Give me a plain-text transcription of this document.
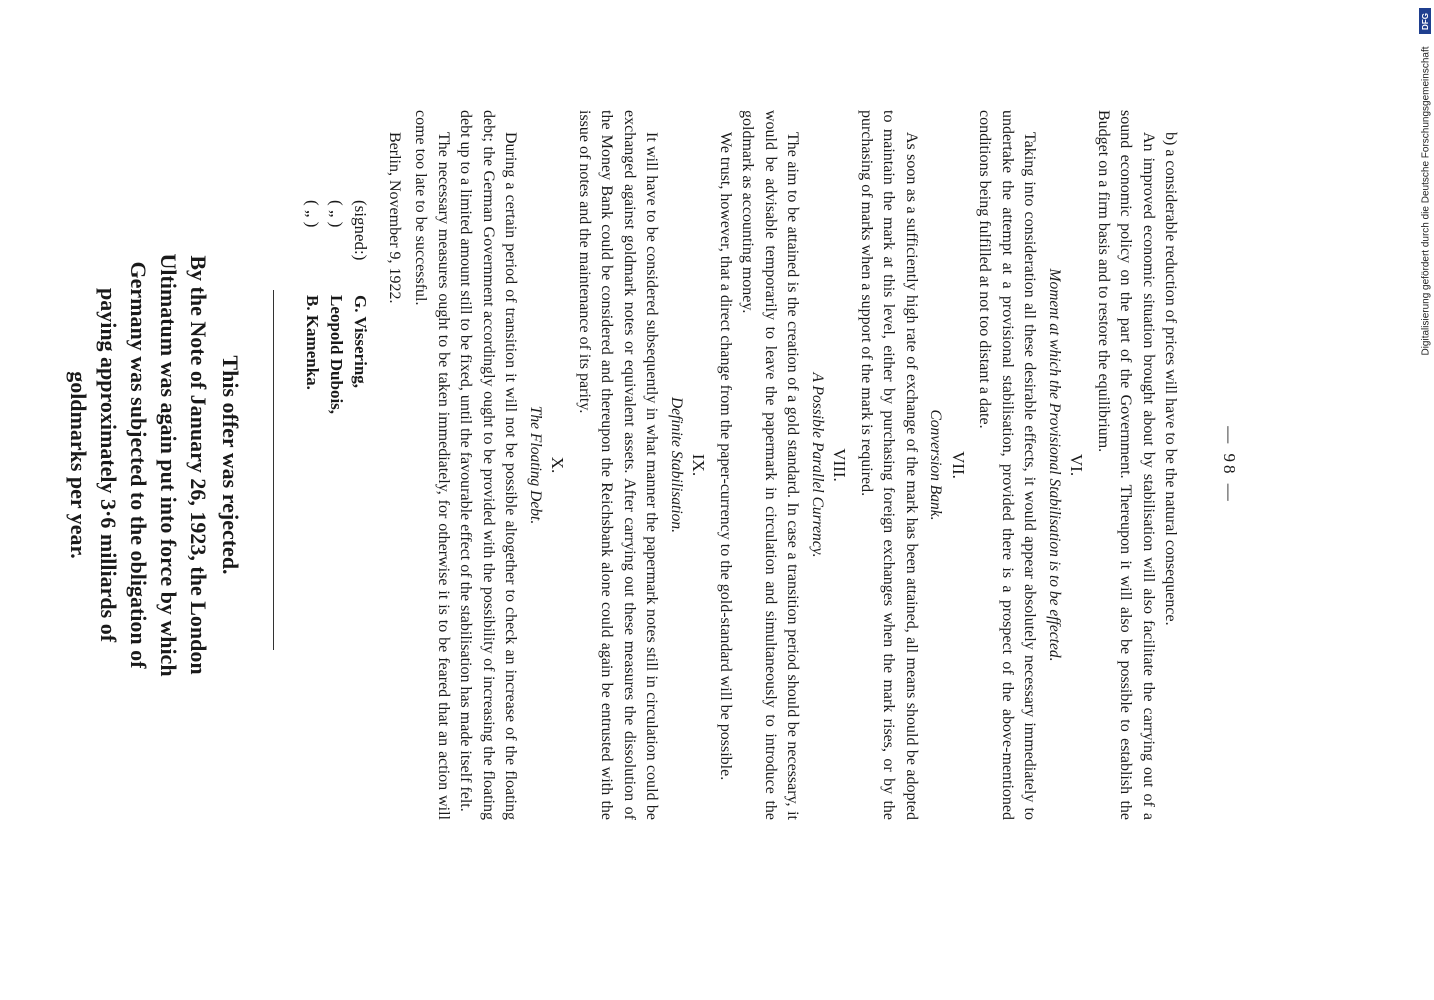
— 98 —

b) a considerable reduction of prices will have to be the natural consequence.

An improved economic situation brought about by stabilisation will also facilitate the carrying out of a sound economic policy on the part of the Government. Thereupon it will also be possible to establish the Budget on a firm basis and to restore the equilibrium.

VI.
Moment at which the Provisional Stabilisation is to be effected.

Taking into consideration all these desirable effects, it would appear absolutely necessary immediately to undertake the attempt at a provisional stabilisation, provided there is a prospect of the above-mentioned conditions being fulfilled at not too distant a date.

VII.
Conversion Bank.

As soon as a sufficiently high rate of exchange of the mark has been attained, all means should be adopted to maintain the mark at this level, either by purchasing foreign exchanges when the mark rises, or by the purchasing of marks when a support of the mark is required.

VIII.
A Possible Parallel Currency.

The aim to be attained is the creation of a gold standard. In case a transition period should be necessary, it would be advisable temporarily to leave the papermark in circulation and simultaneously to introduce the goldmark as accounting money.

We trust, however, that a direct change from the paper-currency to the gold-standard will be possible.

IX.
Definite Stabilisation.

It will have to be considered subsequently in what manner the papermark notes still in circulation could be exchanged against goldmark notes or equivalent assets. After carrying out these measures the dissolution of the Money Bank could be considered and thereupon the Reichsbank alone could again be entrusted with the issue of notes and the maintenance of its parity.

X.
The Floating Debt.

During a certain period of transition it will not be possible altogether to check an increase of the floating debt; the German Government accordingly ought to be provided with the possibility of increasing the floating debt up to a limited amount still to be fixed, until the favourable effect of the stabilisation has made itself felt.

The necessary measures ought to be taken immediately, for otherwise it is to be feared that an action will come too late to be successful.

Berlin, November 9, 1922.

(signed:)
( „ )
( „ )
G. Vissering,
Leopold Dubois,
B. Kamenka.
This offer was rejected.
By the Note of January 26, 1923, the London Ultimatum was again put into force by which Germany was subjected to the obligation of paying approximately 3·6 milliards of goldmarks per year.
Digitalisierung gefördert durch die Deutsche Forschungsgemeinschaft
DFG
